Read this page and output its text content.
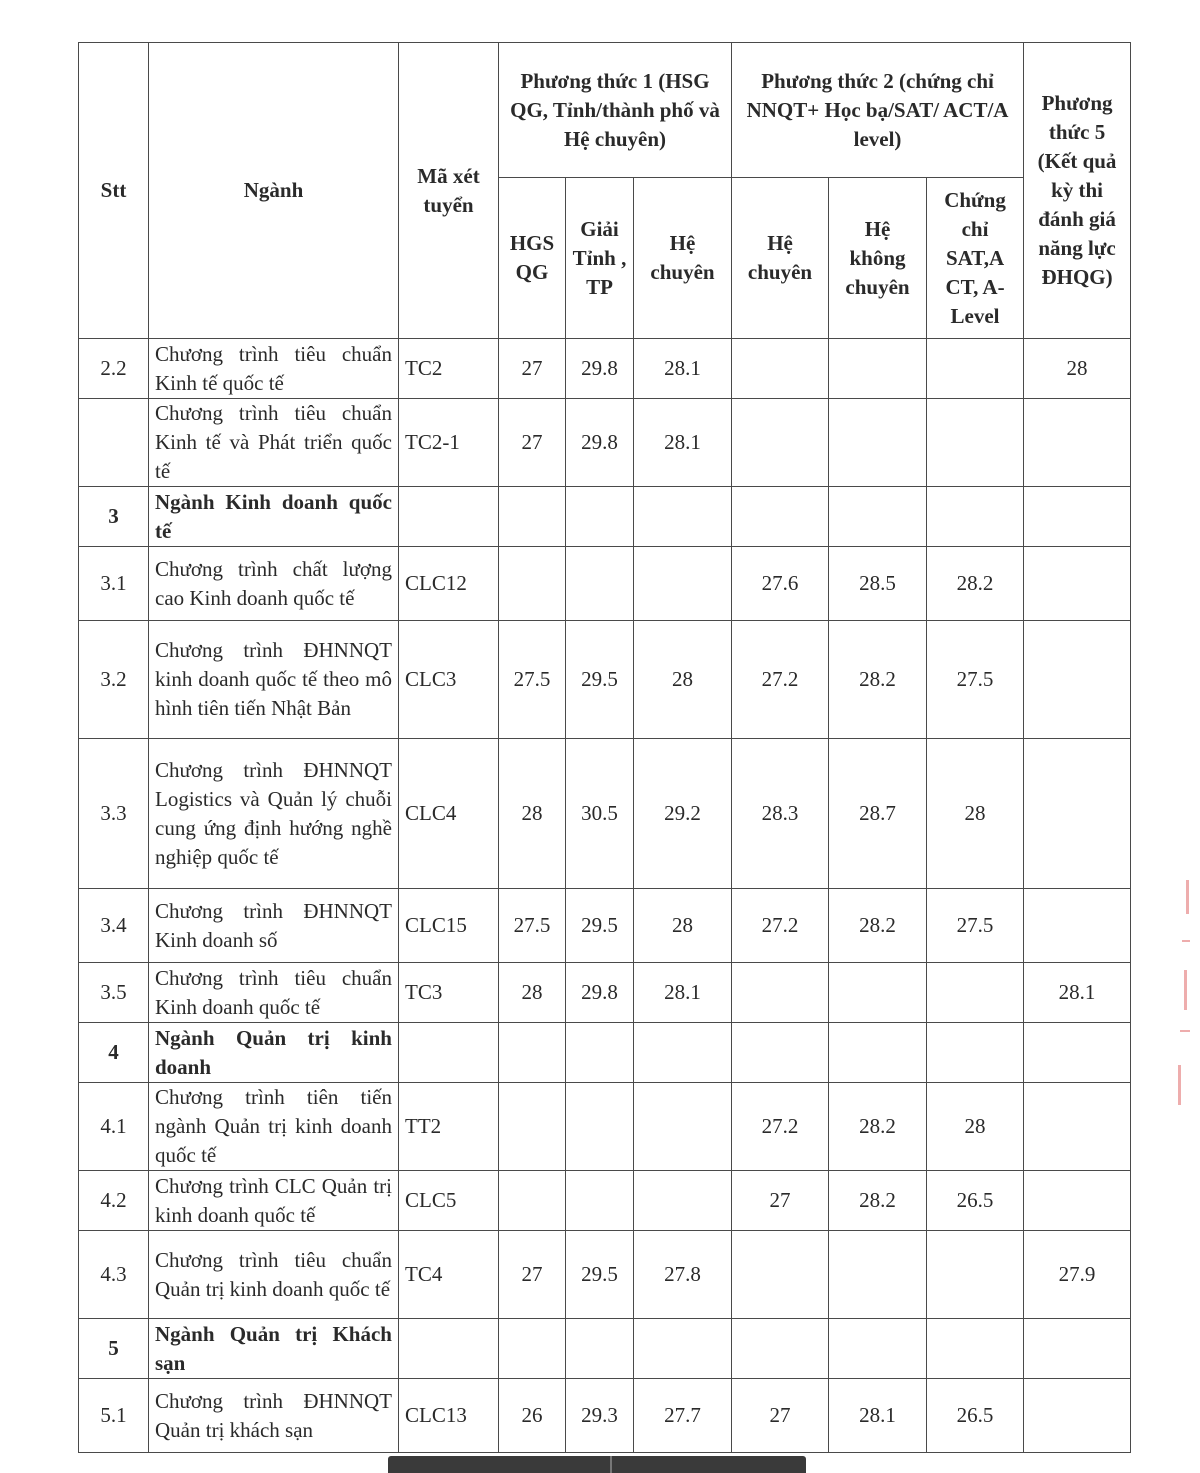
Stt	Ngành	Mã xét tuyển	Phương thức 1 (HSG QG, Tỉnh/thành phố và Hệ chuyên)			Phương thức 2 (chứng chỉ NNQT+ Học bạ/SAT/ ACT/A level)			Phương thức 5 (Kết quả kỳ thi đánh giá năng lực ĐHQG)
			HGS QG	Giải Tỉnh , TP	Hệ chuyên	Hệ chuyên	Hệ không chuyên	Chứng chỉ SAT,A CT, A-Level	
2.2	Chương trình tiêu chuẩn Kinh tế quốc tế	TC2	27	29.8	28.1				28
	Chương trình tiêu chuẩn Kinh tế và Phát triển quốc tế	TC2-1	27	29.8	28.1				
3	Ngành Kinh doanh quốc tế								
3.1	Chương trình chất lượng cao Kinh doanh quốc tế	CLC12				27.6	28.5	28.2	
3.2	Chương trình ĐHNNQT kinh doanh quốc tế theo mô hình tiên tiến Nhật Bản	CLC3	27.5	29.5	28	27.2	28.2	27.5	
3.3	Chương trình ĐHNNQT Logistics và Quản lý chuỗi cung ứng định hướng nghề nghiệp quốc tế	CLC4	28	30.5	29.2	28.3	28.7	28	
3.4	Chương trình ĐHNNQT Kinh doanh số	CLC15	27.5	29.5	28	27.2	28.2	27.5	
3.5	Chương trình tiêu chuẩn Kinh doanh quốc tế	TC3	28	29.8	28.1				28.1
4	Ngành Quản trị kinh doanh								
4.1	Chương trình tiên tiến ngành Quản trị kinh doanh quốc tế	TT2				27.2	28.2	28	
4.2	Chương trình CLC Quản trị kinh doanh quốc tế	CLC5				27	28.2	26.5	
4.3	Chương trình tiêu chuẩn Quản trị kinh doanh quốc tế	TC4	27	29.5	27.8				27.9
5	Ngành Quản trị Khách sạn								
5.1	Chương trình ĐHNNQT Quản trị khách sạn	CLC13	26	29.3	27.7	27	28.1	26.5	
